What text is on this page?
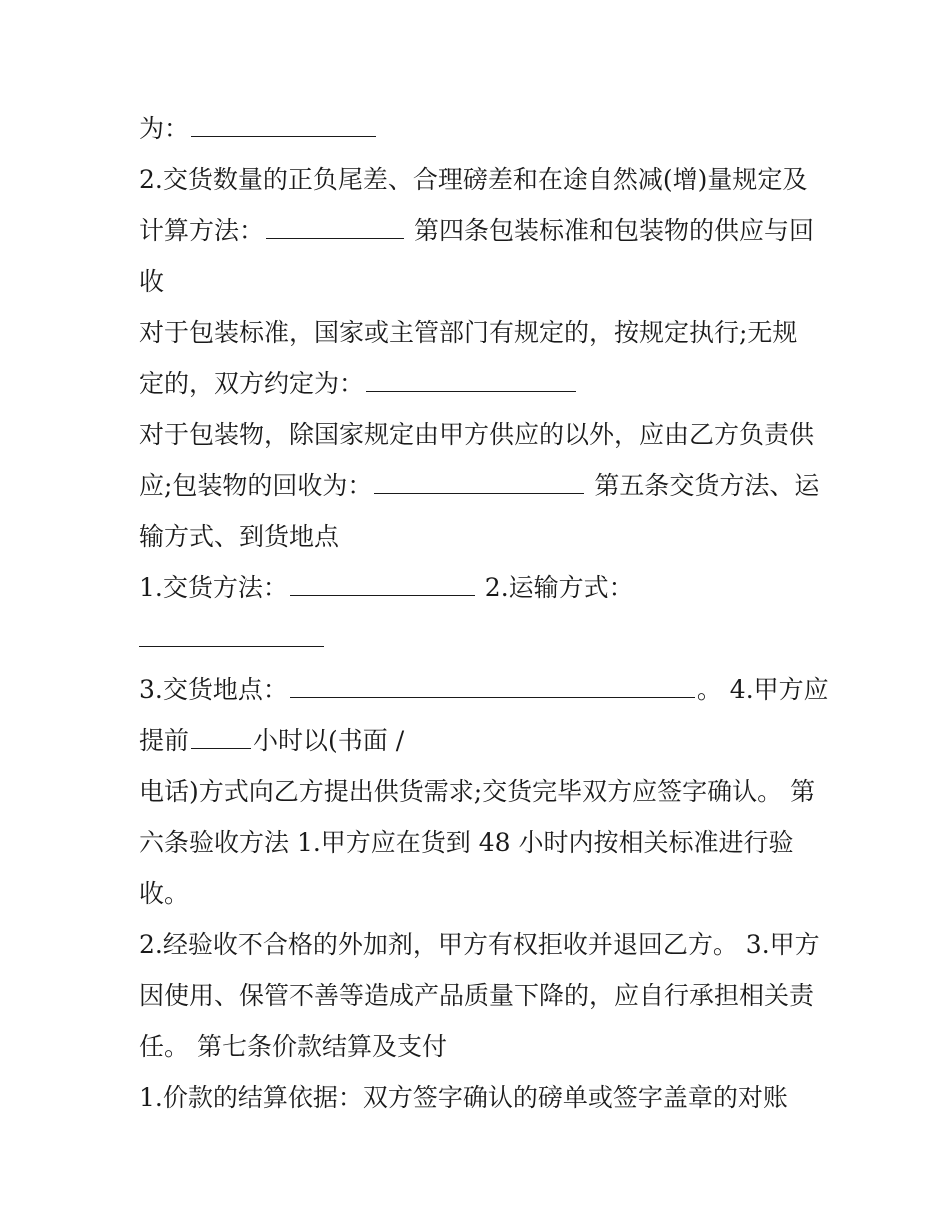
为：
2.交货数量的正负尾差、合理磅差和在途自然减(增)量规定及
计算方法：	第四条包装标准和包装物的供应与回
收
对于包装标准，国家或主管部门有规定的，按规定执行;无规
定的，双方约定为：
对于包装物，除国家规定由甲方供应的以外，应由乙方负责供
应;包装物的回收为：	第五条交货方法、运
输方式、到货地点
1.交货方法：	2.运输方式：
3.交货地点：	。 4.甲方应
提前	小时以(书面 /
电话)方式向乙方提出供货需求;交货完毕双方应签字确认。 第
六条验收方法 1.甲方应在货到 48 小时内按相关标准进行验
收。
2.经验收不合格的外加剂，甲方有权拒收并退回乙方。 3.甲方
因使用、保管不善等造成产品质量下降的，应自行承担相关责
任。 第七条价款结算及支付
1.价款的结算依据：双方签字确认的磅单或签字盖章的对账
